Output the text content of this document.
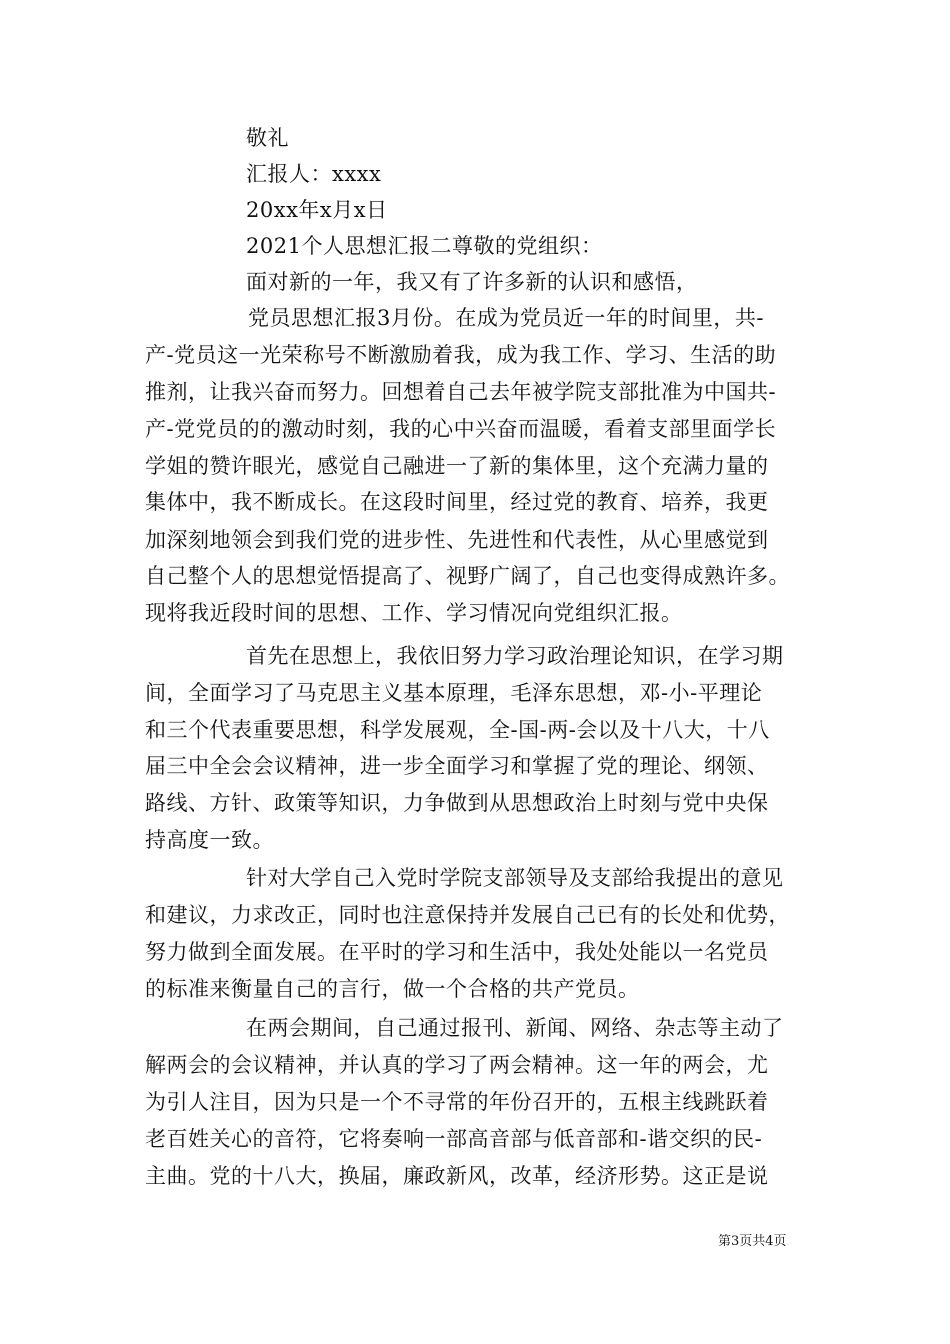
敬礼
汇报人：xxxx
20xx年x月x日
2021个人思想汇报二尊敬的党组织：
面对新的一年，我又有了许多新的认识和感悟，
党员思想汇报3月份。在成为党员近一年的时间里，共-
产-党员这一光荣称号不断激励着我，成为我工作、学习、生活的助
推剂，让我兴奋而努力。回想着自己去年被学院支部批准为中国共-
产-党党员的的激动时刻，我的心中兴奋而温暖，看着支部里面学长
学姐的赞许眼光，感觉自己融进一了新的集体里，这个充满力量的
集体中，我不断成长。在这段时间里，经过党的教育、培养，我更
加深刻地领会到我们党的进步性、先进性和代表性，从心里感觉到
自己整个人的思想觉悟提高了、视野广阔了，自己也变得成熟许多。
现将我近段时间的思想、工作、学习情况向党组织汇报。
首先在思想上，我依旧努力学习政治理论知识，在学习期
间，全面学习了马克思主义基本原理，毛泽东思想，邓-小-平理论
和三个代表重要思想，科学发展观，全-国-两-会以及十八大，十八
届三中全会会议精神，进一步全面学习和掌握了党的理论、纲领、
路线、方针、政策等知识，力争做到从思想政治上时刻与党中央保
持高度一致。
针对大学自己入党时学院支部领导及支部给我提出的意见
和建议，力求改正，同时也注意保持并发展自己已有的长处和优势，
努力做到全面发展。在平时的学习和生活中，我处处能以一名党员
的标准来衡量自己的言行，做一个合格的共产党员。
在两会期间，自己通过报刊、新闻、网络、杂志等主动了
解两会的会议精神，并认真的学习了两会精神。这一年的两会，尤
为引人注目，因为只是一个不寻常的年份召开的，五根主线跳跃着
老百姓关心的音符，它将奏响一部高音部与低音部和-谐交织的民-
主曲。党的十八大，换届，廉政新风，改革，经济形势。这正是说
第3页共4页
